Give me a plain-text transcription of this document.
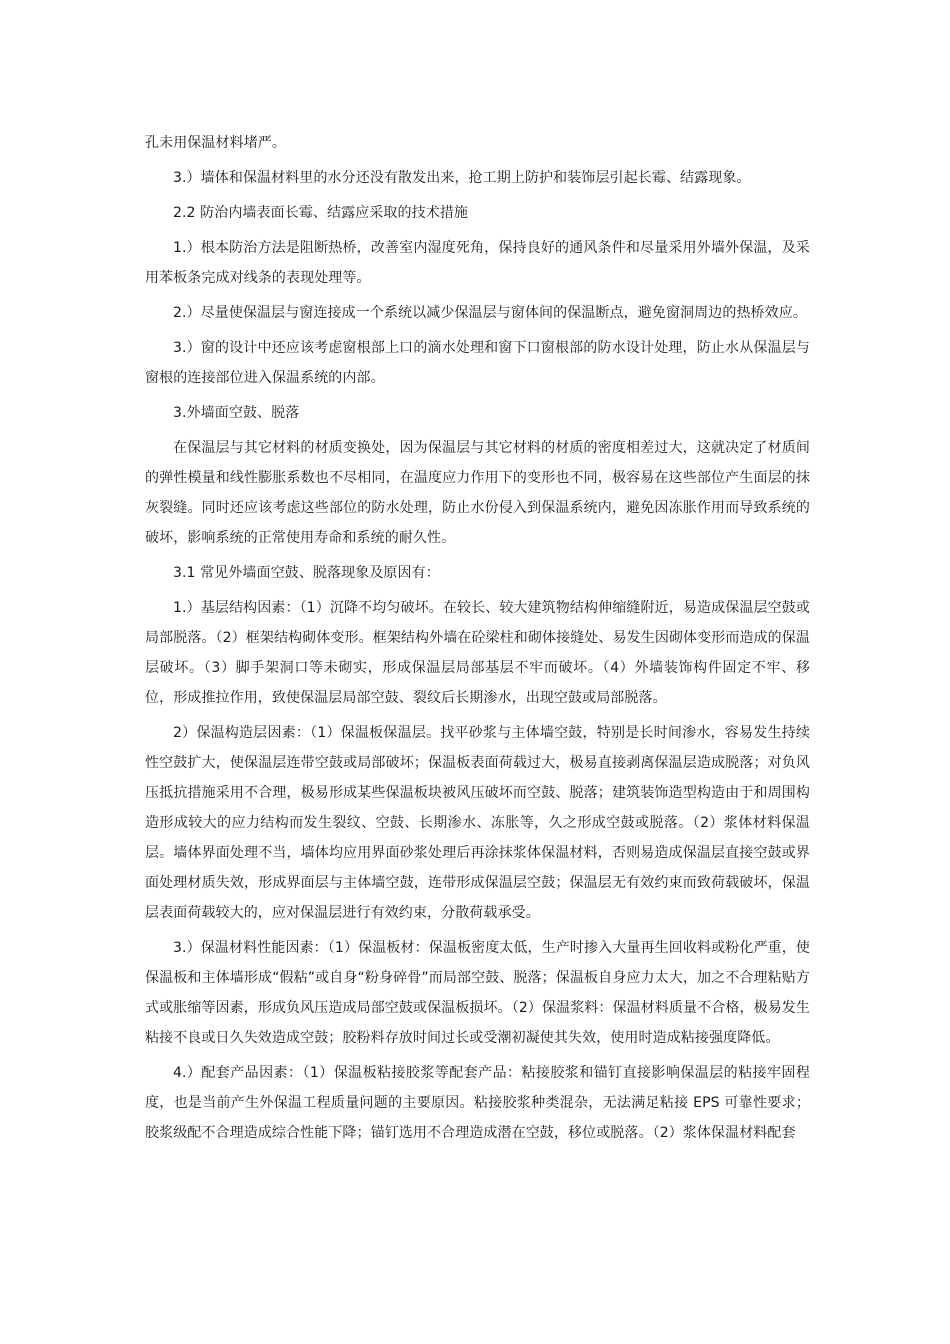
孔未用保温材料堵严。

3.）墙体和保温材料里的水分还没有散发出来，抢工期上防护和装饰层引起长霉、结露现象。

2.2 防治内墙表面长霉、结露应采取的技术措施

1.）根本防治方法是阻断热桥，改善室内湿度死角，保持良好的通风条件和尽量采用外墙外保温，及采用苯板条完成对线条的表现处理等。

2.）尽量使保温层与窗连接成一个系统以减少保温层与窗体间的保温断点，避免窗洞周边的热桥效应。

3.）窗的设计中还应该考虑窗根部上口的滴水处理和窗下口窗根部的防水设计处理，防止水从保温层与窗根的连接部位进入保温系统的内部。

3.外墙面空鼓、脱落

在保温层与其它材料的材质变换处，因为保温层与其它材料的材质的密度相差过大，这就决定了材质间的弹性模量和线性膨胀系数也不尽相同，在温度应力作用下的变形也不同，极容易在这些部位产生面层的抹灰裂缝。同时还应该考虑这些部位的防水处理，防止水份侵入到保温系统内，避免因冻胀作用而导致系统的破坏，影响系统的正常使用寿命和系统的耐久性。

3.1 常见外墙面空鼓、脱落现象及原因有：

1.）基层结构因素：（1）沉降不均匀破坏。在较长、较大建筑物结构伸缩缝附近，易造成保温层空鼓或局部脱落。（2）框架结构砌体变形。框架结构外墙在砼梁柱和砌体接缝处、易发生因砌体变形而造成的保温层破坏。（3）脚手架洞口等未砌实，形成保温层局部基层不牢而破坏。（4）外墙装饰构件固定不牢、移位，形成推拉作用，致使保温层局部空鼓、裂纹后长期渗水，出现空鼓或局部脱落。

2）保温构造层因素：（1）保温板保温层。找平砂浆与主体墙空鼓，特别是长时间渗水，容易发生持续性空鼓扩大，使保温层连带空鼓或局部破坏；保温板表面荷载过大，极易直接剥离保温层造成脱落；对负风压抵抗措施采用不合理，极易形成某些保温板块被风压破坏而空鼓、脱落；建筑装饰造型构造由于和周围构造形成较大的应力结构而发生裂纹、空鼓、长期渗水、冻胀等，久之形成空鼓或脱落。（2）浆体材料保温层。墙体界面处理不当，墙体均应用界面砂浆处理后再涂抹浆体保温材料，否则易造成保温层直接空鼓或界面处理材质失效，形成界面层与主体墙空鼓，连带形成保温层空鼓；保温层无有效约束而致荷载破坏，保温层表面荷载较大的，应对保温层进行有效约束，分散荷载承受。

3.）保温材料性能因素：（1）保温板材：保温板密度太低，生产时掺入大量再生回收料或粉化严重，使保温板和主体墙形成“假粘”或自身“粉身碎骨”而局部空鼓、脱落；保温板自身应力太大，加之不合理粘贴方式或胀缩等因素，形成负风压造成局部空鼓或保温板损坏。（2）保温浆料：保温材料质量不合格，极易发生粘接不良或日久失效造成空鼓；胶粉料存放时间过长或受潮初凝使其失效，使用时造成粘接强度降低。

4.）配套产品因素：（1）保温板粘接胶浆等配套产品：粘接胶浆和锚钉直接影响保温层的粘接牢固程度，也是当前产生外保温工程质量问题的主要原因。粘接胶浆种类混杂，无法满足粘接 EPS 可靠性要求；胶浆级配不合理造成综合性能下降；锚钉选用不合理造成潜在空鼓，移位或脱落。（2）浆体保温材料配套
